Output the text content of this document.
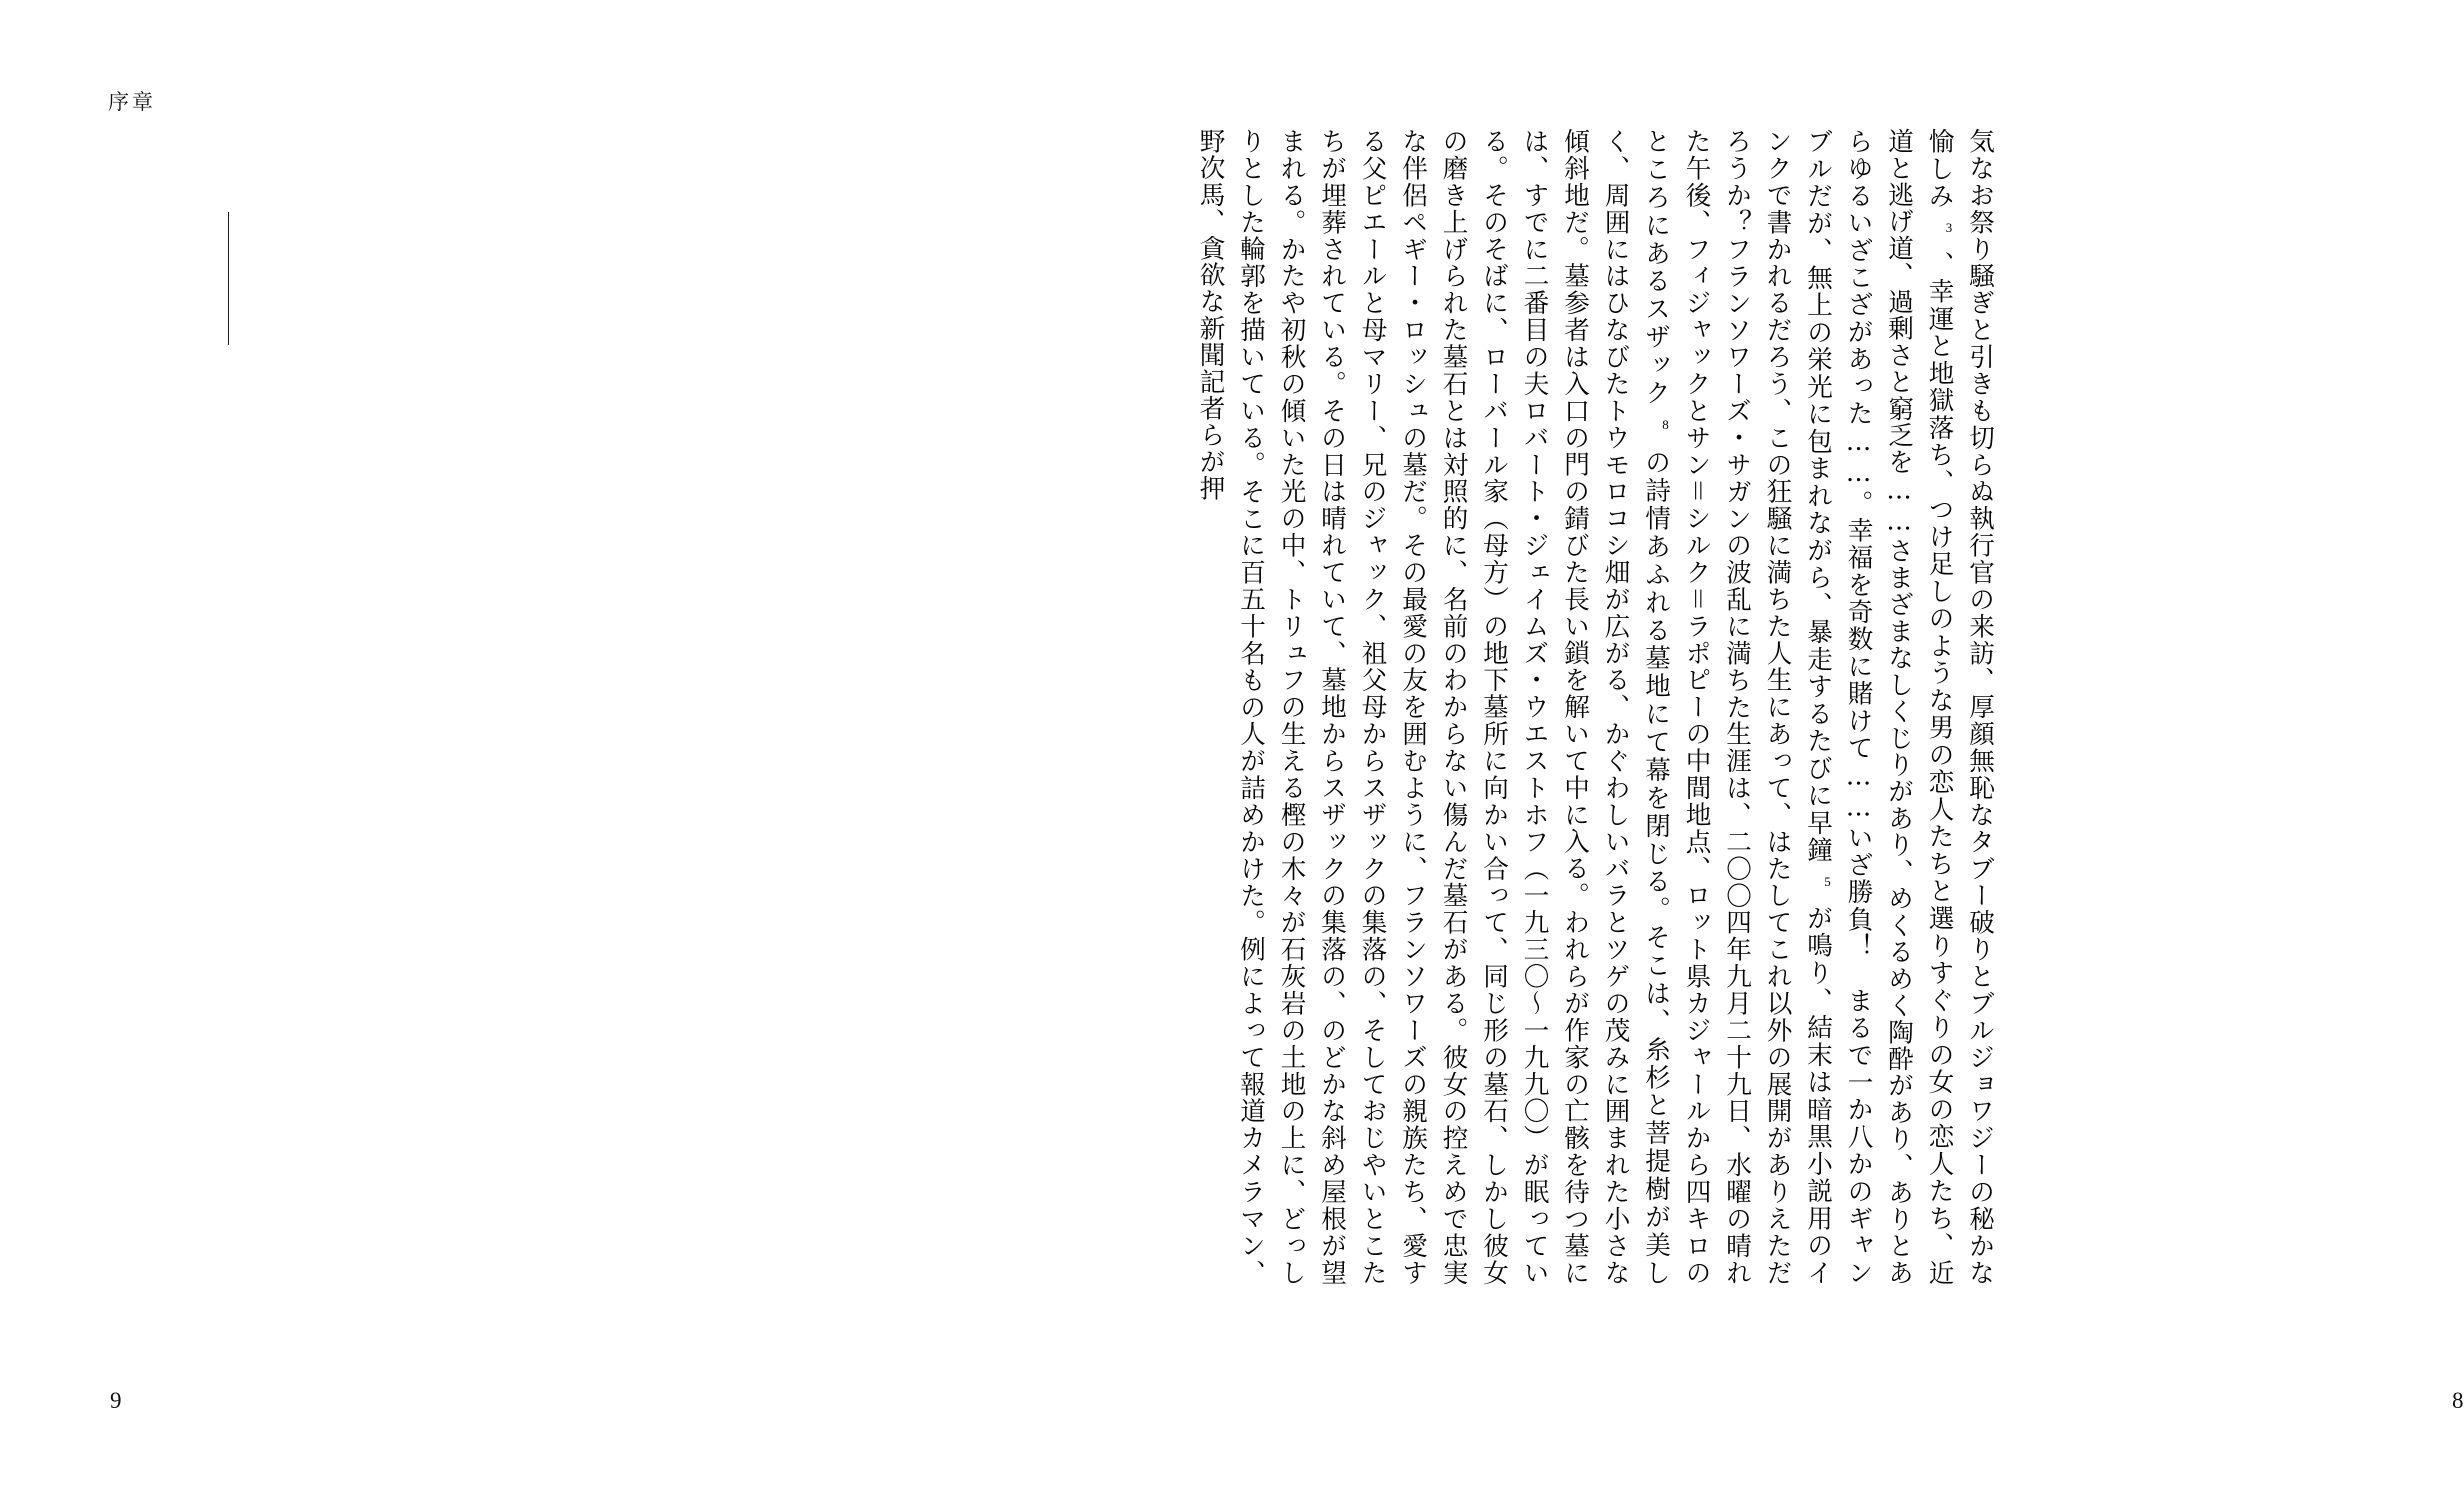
気なお祭り騒ぎと引きも切らぬ執行官の来訪、厚顔無恥なタブー破りとブルジョワジーの秘かな愉しみ3、幸運と地獄落ち、つけ足しのような男の恋人たちと選りすぐりの女の恋人たち、近道と逃げ道、過剰さと窮乏を……さまざまなしくじりがあり、めくるめく陶酔があり、ありとあらゆるいざこざがあった……。幸福を奇数に賭けて……いざ勝負！　まるで一か八かのギャンブルだが、無上の栄光に包まれながら、暴走するたびに早鐘5が鳴り、結末は暗黒小説用のインクで書かれるだろう、この狂騒に満ちた人生にあって、はたしてこれ以外の展開がありえただろうか？フランソワーズ・サガンの波乱に満ちた生涯は、二〇〇四年九月二十九日、水曜の晴れた午後、フィジャックとサン＝シルク＝ラポピーの中間地点、ロット県カジャールから四キロのところにあるスザック8の詩情あふれる墓地にて幕を閉じる。そこは、糸杉と菩提樹が美しく、周囲にはひなびたトウモロコシ畑が広がる、かぐわしいバラとツゲの茂みに囲まれた小さな傾斜地だ。墓参者は入口の門の錆びた長い鎖を解いて中に入る。われらが作家の亡骸を待つ墓には、すでに二番目の夫ロバート・ジェイムズ・ウエストホフ（一九三〇～一九九〇）が眠っている。そのそばに、ローバール家（母方）の地下墓所に向かい合って、同じ形の墓石、しかし彼女の磨き上げられた墓石とは対照的に、名前のわからない傷んだ墓石がある。彼女の控えめで忠実な伴侶ペギー・ロッシュの墓だ。その最愛の友を囲むように、フランソワーズの親族たち、愛する父ピエールと母マリー、兄のジャック、祖父母からスザックの集落の、そしておじやいとこたちが埋葬されている。その日は晴れていて、墓地からスザックの集落の、のどかな斜め屋根が望まれる。かたや初秋の傾いた光の中、トリュフの生える樫の木々が石灰岩の土地の上に、どっしりとした輪郭を描いている。そこに百五十名もの人が詰めかけた。例によって報道カメラマン、野次馬、貪欲な新聞記者らが押
8
序章
9
